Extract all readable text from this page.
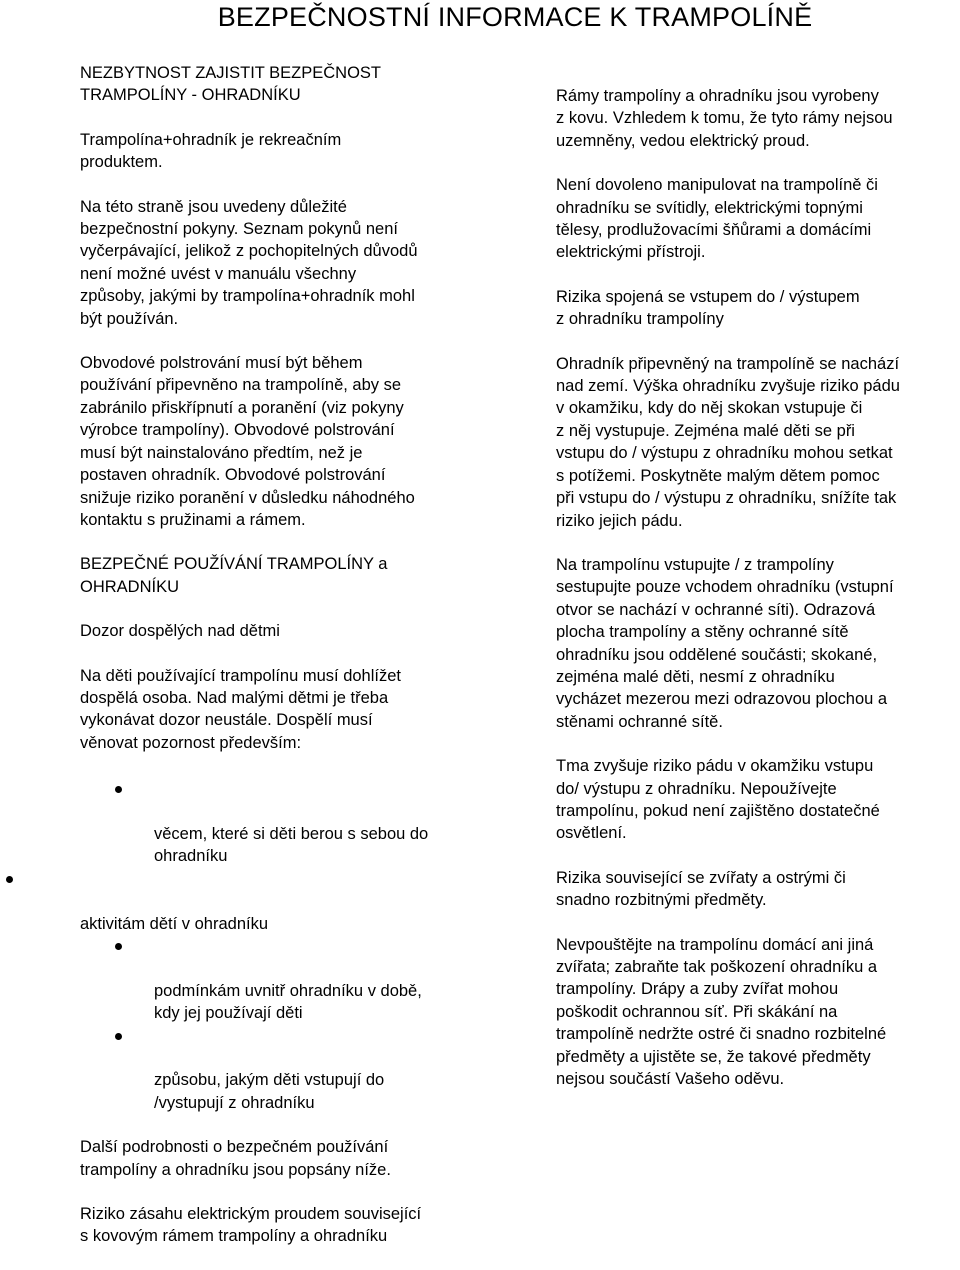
BEZPEČNOSTNÍ INFORMACE K TRAMPOLÍNĚ

NEZBYTNOST ZAJISTIT BEZPEČNOST
TRAMPOLÍNY - OHRADNÍKU

Trampolína+ohradník je rekreačním
produktem.

Na této straně jsou uvedeny důležité
bezpečnostní pokyny. Seznam pokynů není
vyčerpávající, jelikož z pochopitelných důvodů
není možné uvést v manuálu všechny
způsoby, jakými by trampolína+ohradník mohl
být používán.

Obvodové polstrování musí být během
používání připevněno na trampolíně, aby se
zabránilo přiskřípnutí a poranění (viz pokyny
výrobce trampolíny). Obvodové polstrování
musí být nainstalováno předtím, než je
postaven ohradník. Obvodové polstrování
snižuje riziko poranění v důsledku náhodného
kontaktu s pružinami a rámem.

BEZPEČNÉ POUŽÍVÁNÍ TRAMPOLÍNY a
OHRADNÍKU

Dozor dospělých nad dětmi

Na děti používající trampolínu musí dohlížet
dospělá osoba. Nad malými dětmi je třeba
vykonávat dozor neustále. Dospělí musí
věnovat pozornost především:

věcem, které si děti berou s sebou do
ohradníku

aktivitám dětí v ohradníku

podmínkám uvnitř ohradníku v době,
kdy jej používají děti

způsobu, jakým děti vstupují do
/vystupují z ohradníku

Další podrobnosti o bezpečném používání
trampolíny a ohradníku jsou popsány níže.

Riziko zásahu elektrickým proudem související
s kovovým rámem trampolíny a ohradníku

Rámy trampolíny a ohradníku jsou vyrobeny
z kovu. Vzhledem k tomu, že tyto rámy nejsou
uzemněny, vedou elektrický proud.

Není dovoleno manipulovat na trampolíně či
ohradníku se svítidly, elektrickými topnými
tělesy, prodlužovacími šňůrami a domácími
elektrickými přístroji.

Rizika spojená se vstupem do / výstupem
z ohradníku trampolíny

Ohradník připevněný na trampolíně se nachází
nad zemí. Výška ohradníku zvyšuje riziko pádu
v okamžiku, kdy do něj skokan vstupuje či
z něj vystupuje. Zejména malé děti se při
vstupu do / výstupu z ohradníku mohou setkat
s potížemi. Poskytněte malým dětem pomoc
při vstupu do / výstupu z ohradníku, snížíte tak
riziko jejich pádu.

Na trampolínu vstupujte / z trampolíny
sestupujte pouze vchodem ohradníku (vstupní
otvor se nachází v ochranné síti). Odrazová
plocha trampolíny a stěny ochranné sítě
ohradníku jsou oddělené součásti; skokané,
zejména malé děti, nesmí z ohradníku
vycházet mezerou mezi odrazovou plochou a
stěnami ochranné sítě.

Tma zvyšuje riziko pádu v okamžiku vstupu
do/ výstupu z ohradníku. Nepoužívejte
trampolínu, pokud není zajištěno dostatečné
osvětlení.

Rizika související se zvířaty a ostrými či
snadno rozbitnými předměty.

Nevpouštějte na trampolínu domácí ani jiná
zvířata; zabraňte tak poškození ohradníku a
trampolíny. Drápy a zuby zvířat mohou
poškodit ochrannou síť. Při skákání na
trampolíně nedržte ostré či snadno rozbitelné
předměty a ujistěte se, že takové předměty
nejsou součástí Vašeho oděvu.
